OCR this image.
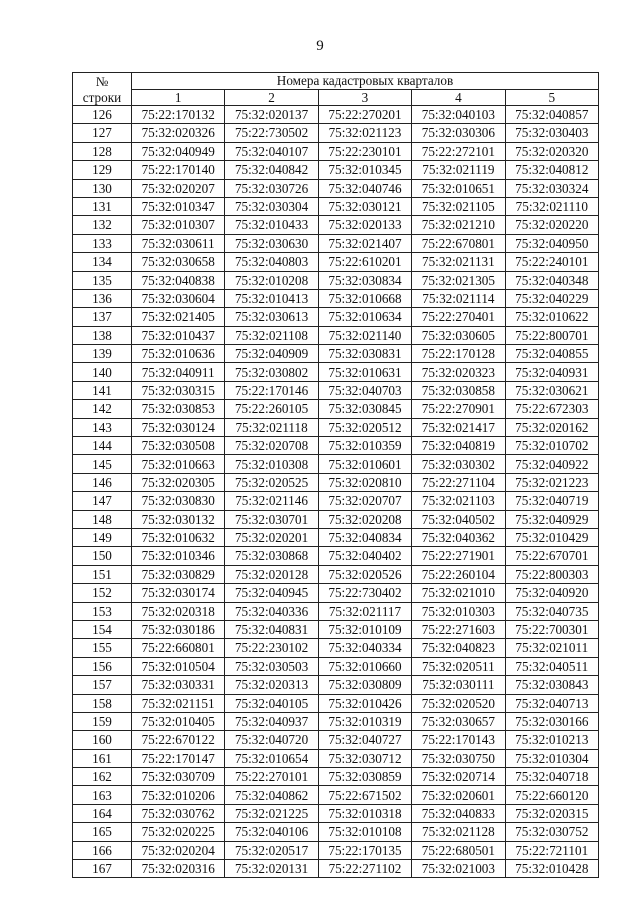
9
№	Номера кадастровых кварталов				
строки	1	2	3	4	5
126	75:22:170132	75:32:020137	75:22:270201	75:32:040103	75:32:040857
127	75:32:020326	75:22:730502	75:32:021123	75:32:030306	75:32:030403
128	75:32:040949	75:32:040107	75:22:230101	75:22:272101	75:32:020320
129	75:22:170140	75:32:040842	75:32:010345	75:32:021119	75:32:040812
130	75:32:020207	75:32:030726	75:32:040746	75:32:010651	75:32:030324
131	75:32:010347	75:32:030304	75:32:030121	75:32:021105	75:32:021110
132	75:32:010307	75:32:010433	75:32:020133	75:32:021210	75:32:020220
133	75:32:030611	75:32:030630	75:32:021407	75:22:670801	75:32:040950
134	75:32:030658	75:32:040803	75:22:610201	75:32:021131	75:22:240101
135	75:32:040838	75:32:010208	75:32:030834	75:32:021305	75:32:040348
136	75:32:030604	75:32:010413	75:32:010668	75:32:021114	75:32:040229
137	75:32:021405	75:32:030613	75:32:010634	75:22:270401	75:32:010622
138	75:32:010437	75:32:021108	75:32:021140	75:32:030605	75:22:800701
139	75:32:010636	75:32:040909	75:32:030831	75:22:170128	75:32:040855
140	75:32:040911	75:32:030802	75:32:010631	75:32:020323	75:32:040931
141	75:32:030315	75:22:170146	75:32:040703	75:32:030858	75:32:030621
142	75:32:030853	75:22:260105	75:32:030845	75:22:270901	75:22:672303
143	75:32:030124	75:32:021118	75:32:020512	75:32:021417	75:32:020162
144	75:32:030508	75:32:020708	75:32:010359	75:32:040819	75:32:010702
145	75:32:010663	75:32:010308	75:32:010601	75:32:030302	75:32:040922
146	75:32:020305	75:32:020525	75:32:020810	75:22:271104	75:32:021223
147	75:32:030830	75:32:021146	75:32:020707	75:32:021103	75:32:040719
148	75:32:030132	75:32:030701	75:32:020208	75:32:040502	75:32:040929
149	75:32:010632	75:32:020201	75:32:040834	75:32:040362	75:32:010429
150	75:32:010346	75:32:030868	75:32:040402	75:22:271901	75:22:670701
151	75:32:030829	75:32:020128	75:32:020526	75:22:260104	75:22:800303
152	75:32:030174	75:32:040945	75:22:730402	75:32:021010	75:32:040920
153	75:32:020318	75:32:040336	75:32:021117	75:32:010303	75:32:040735
154	75:32:030186	75:32:040831	75:32:010109	75:22:271603	75:22:700301
155	75:22:660801	75:22:230102	75:32:040334	75:32:040823	75:32:021011
156	75:32:010504	75:32:030503	75:32:010660	75:32:020511	75:32:040511
157	75:32:030331	75:32:020313	75:32:030809	75:32:030111	75:32:030843
158	75:32:021151	75:32:040105	75:32:010426	75:32:020520	75:32:040713
159	75:32:010405	75:32:040937	75:32:010319	75:32:030657	75:32:030166
160	75:22:670122	75:32:040720	75:32:040727	75:22:170143	75:32:010213
161	75:22:170147	75:32:010654	75:32:030712	75:32:030750	75:32:010304
162	75:32:030709	75:22:270101	75:32:030859	75:32:020714	75:32:040718
163	75:32:010206	75:32:040862	75:22:671502	75:32:020601	75:22:660120
164	75:32:030762	75:32:021225	75:32:010318	75:32:040833	75:32:020315
165	75:32:020225	75:32:040106	75:32:010108	75:32:021128	75:32:030752
166	75:32:020204	75:32:020517	75:22:170135	75:22:680501	75:22:721101
167	75:32:020316	75:32:020131	75:22:271102	75:32:021003	75:32:010428
